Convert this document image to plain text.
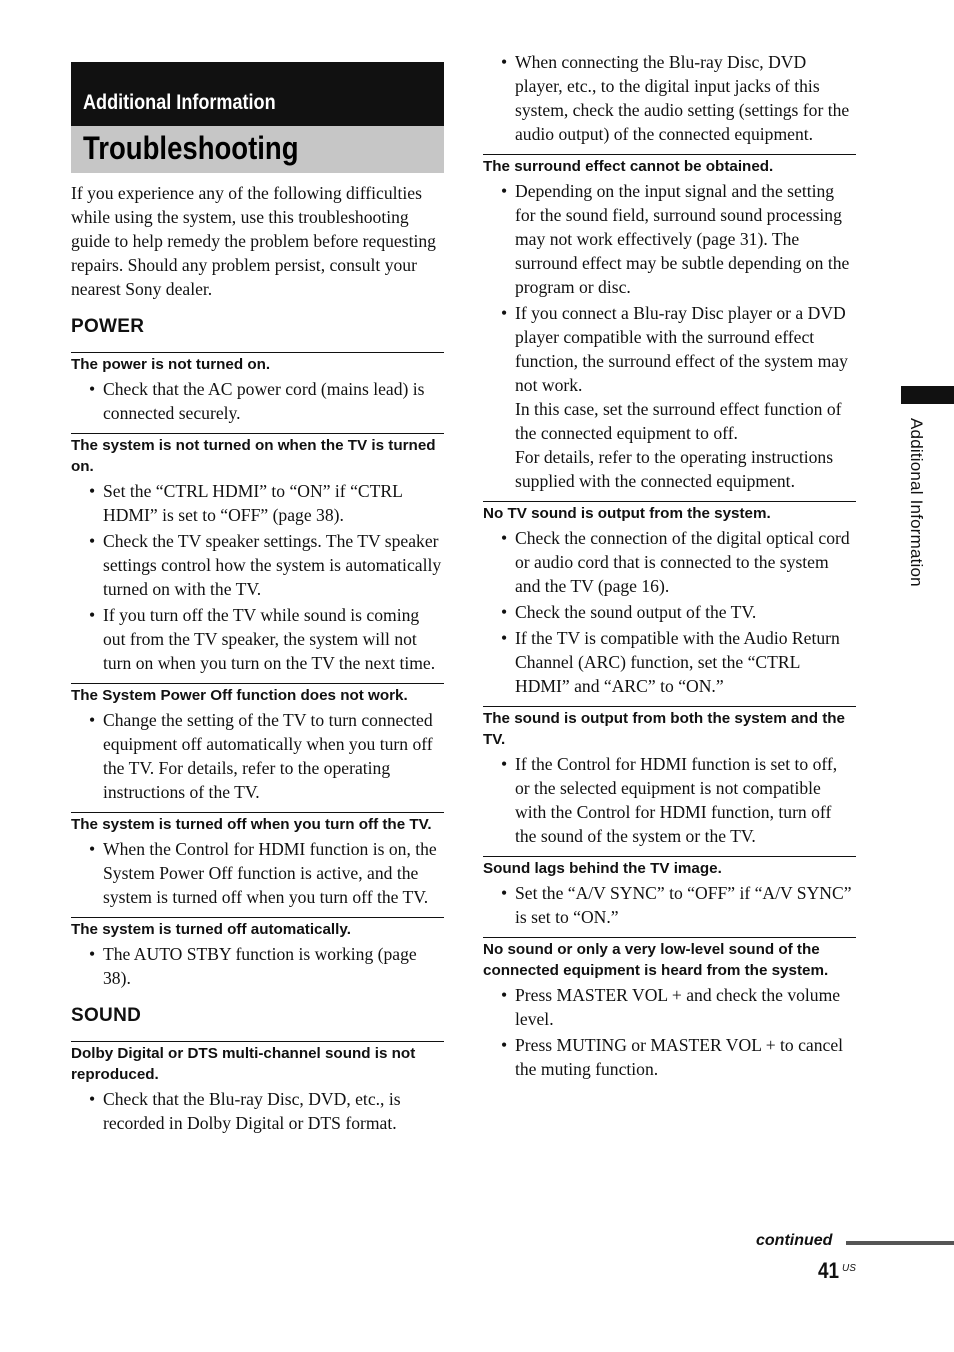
Additional Information
Troubleshooting

If you experience any of the following difficulties while using the system, use this troubleshooting guide to help remedy the problem before requesting repairs. Should any problem persist, consult your nearest Sony dealer.

POWER
The power is not turned on.
• Check that the AC power cord (mains lead) is connected securely.
The system is not turned on when the TV is turned on.
• Set the “CTRL HDMI” to “ON” if “CTRL HDMI” is set to “OFF” (page 38).
• Check the TV speaker settings. The TV speaker settings control how the system is automatically turned on with the TV.
• If you turn off the TV while sound is coming out from the TV speaker, the system will not turn on when you turn on the TV the next time.
The System Power Off function does not work.
• Change the setting of the TV to turn connected equipment off automatically when you turn off the TV. For details, refer to the operating instructions of the TV.
The system is turned off when you turn off the TV.
• When the Control for HDMI function is on, the System Power Off function is active, and the system is turned off when you turn off the TV.
The system is turned off automatically.
• The AUTO STBY function is working (page 38).
SOUND
Dolby Digital or DTS multi-channel sound is not reproduced.
• Check that the Blu-ray Disc, DVD, etc., is recorded in Dolby Digital or DTS format.
• When connecting the Blu-ray Disc, DVD player, etc., to the digital input jacks of this system, check the audio setting (settings for the audio output) of the connected equipment.
The surround effect cannot be obtained.
• Depending on the input signal and the setting for the sound field, surround sound processing may not work effectively (page 31). The surround effect may be subtle depending on the program or disc.
• If you connect a Blu-ray Disc player or a DVD player compatible with the surround effect function, the surround effect of the system may not work.
In this case, set the surround effect function of the connected equipment to off.
For details, refer to the operating instructions supplied with the connected equipment.
No TV sound is output from the system.
• Check the connection of the digital optical cord or audio cord that is connected to the system and the TV (page 16).
• Check the sound output of the TV.
• If the TV is compatible with the Audio Return Channel (ARC) function, set the “CTRL HDMI” and “ARC” to “ON.”
The sound is output from both the system and the TV.
• If the Control for HDMI function is set to off, or the selected equipment is not compatible with the Control for HDMI function, turn off the sound of the system or the TV.
Sound lags behind the TV image.
• Set the “A/V SYNC” to “OFF” if “A/V SYNC” is set to “ON.”
No sound or only a very low-level sound of the connected equipment is heard from the system.
• Press MASTER VOL + and check the volume level.
• Press MUTING or MASTER VOL + to cancel the muting function.
Additional Information
continued
41 US
